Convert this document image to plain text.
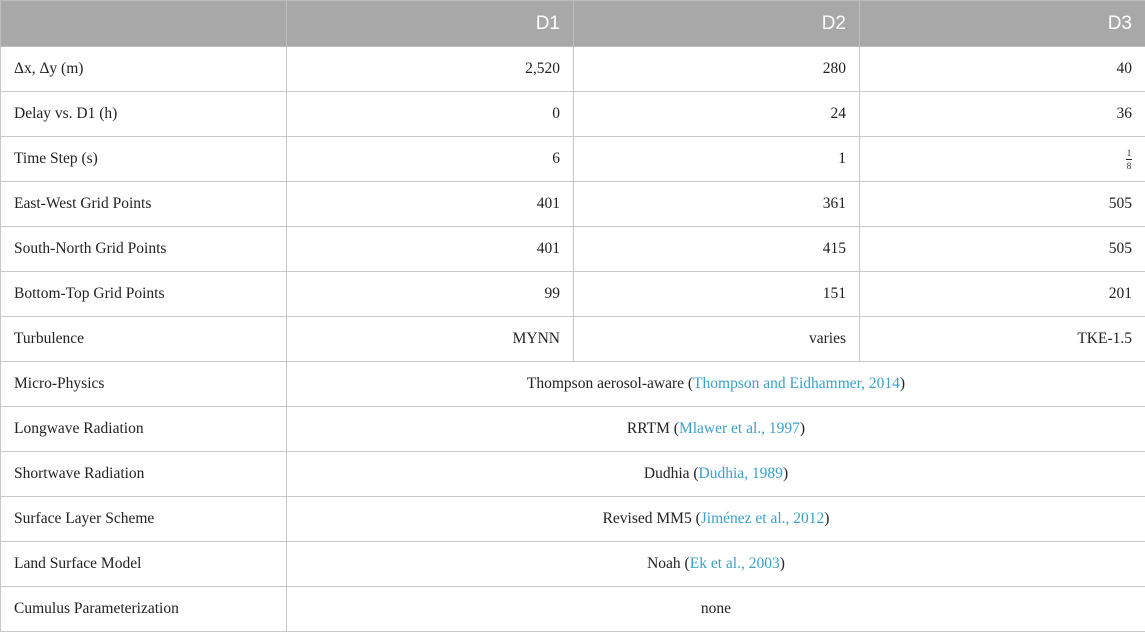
	D1	D2	D3
Δx, Δy (m)	2,520	280	40
Delay vs. D1 (h)	0	24	36
Time Step (s)	6	1	$\frac{1}{8}$

East-West Grid Points	401	361	505
South-North Grid Points	401	415	505
Bottom-Top Grid Points	99	151	201
Turbulence	MYNN	varies	TKE-1.5
Micro-Physics	Thompson aerosol-aware (Thompson and Eidhammer, 2014)		
Longwave Radiation	RRTM (Mlawer et al., 1997)		
Shortwave Radiation	Dudhia (Dudhia, 1989)		
Surface Layer Scheme	Revised MM5 (Jiménez et al., 2012)		
Land Surface Model	Noah (Ek et al., 2003)		
Cumulus Parameterization	none		
